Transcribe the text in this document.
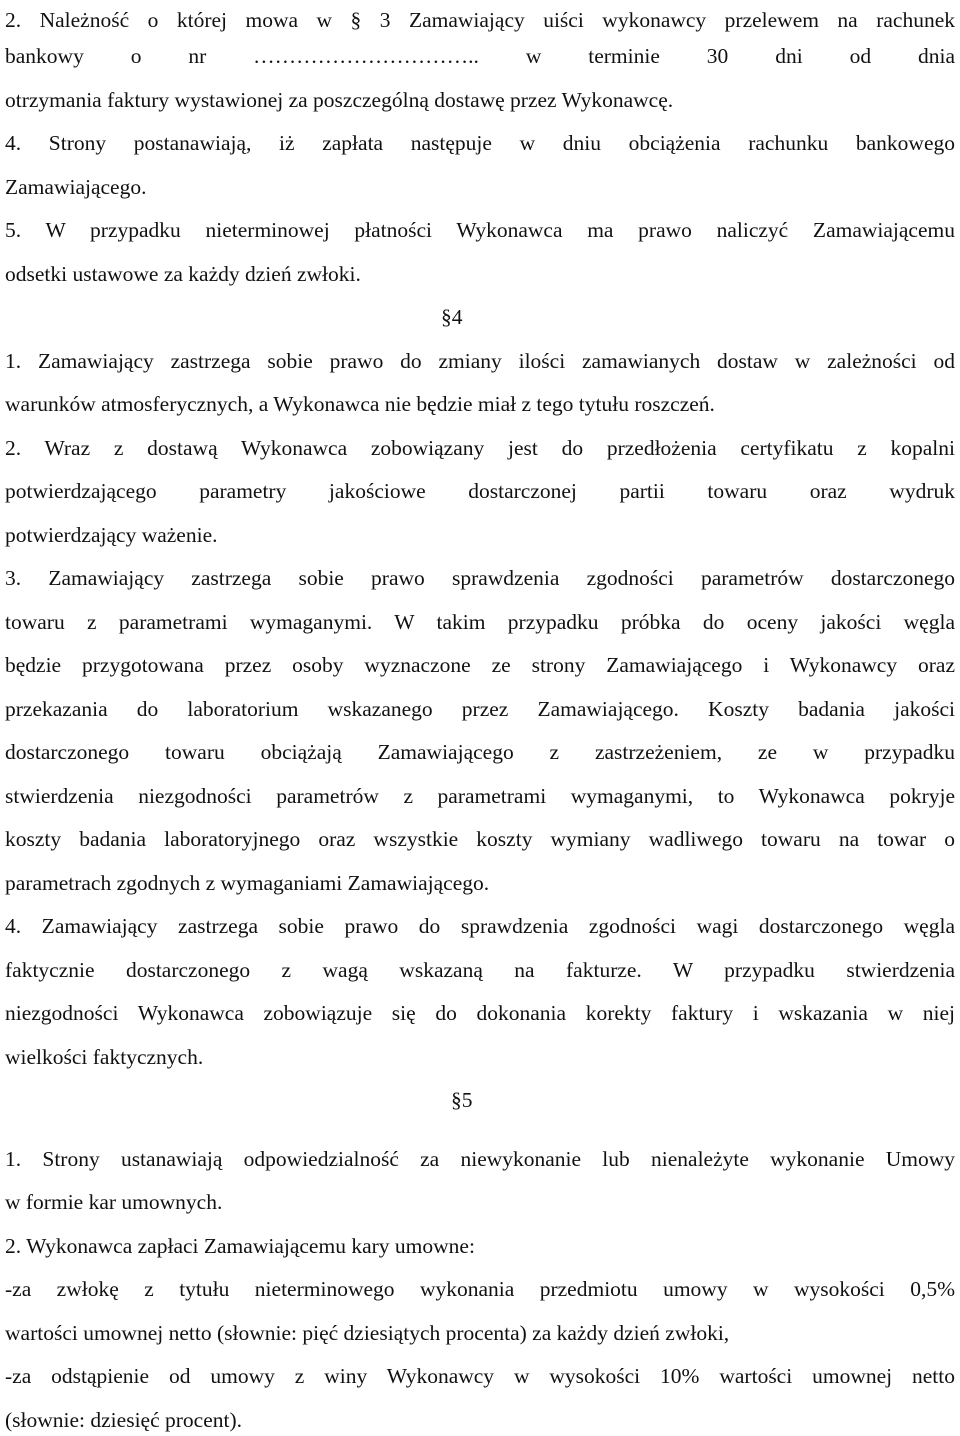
2. Należność o której mowa w § 3 Zamawiający uiści wykonawcy przelewem na rachunek
bankowy o nr ………………………….. w terminie 30 dni od dnia
otrzymania faktury wystawionej za poszczególną dostawę przez Wykonawcę.
4. Strony postanawiają, iż zapłata następuje w dniu obciążenia rachunku bankowego
Zamawiającego.
5. W przypadku nieterminowej płatności Wykonawca ma prawo naliczyć Zamawiającemu
odsetki ustawowe za każdy dzień zwłoki.
§4
1. Zamawiający zastrzega sobie prawo do zmiany ilości zamawianych dostaw w zależności od
warunków atmosferycznych, a Wykonawca nie będzie miał z tego tytułu roszczeń.
2. Wraz z dostawą Wykonawca zobowiązany jest do przedłożenia certyfikatu z kopalni
potwierdzającego parametry jakościowe dostarczonej partii towaru oraz wydruk
potwierdzający ważenie.
3. Zamawiający zastrzega sobie prawo sprawdzenia zgodności parametrów dostarczonego
towaru z parametrami wymaganymi. W takim przypadku próbka do oceny jakości węgla
będzie przygotowana przez osoby wyznaczone ze strony Zamawiającego i Wykonawcy oraz
przekazania do laboratorium wskazanego przez Zamawiającego. Koszty badania jakości
dostarczonego towaru obciążają Zamawiającego z zastrzeżeniem, ze w przypadku
stwierdzenia niezgodności parametrów z parametrami wymaganymi, to Wykonawca pokryje
koszty badania laboratoryjnego oraz wszystkie koszty wymiany wadliwego towaru na towar o
parametrach zgodnych z wymaganiami Zamawiającego.
4. Zamawiający zastrzega sobie prawo do sprawdzenia zgodności wagi dostarczonego węgla
faktycznie dostarczonego z wagą wskazaną na fakturze. W przypadku stwierdzenia
niezgodności Wykonawca zobowiązuje się do dokonania korekty faktury i wskazania w niej
wielkości faktycznych.
§5
1. Strony ustanawiają odpowiedzialność za niewykonanie lub nienależyte wykonanie Umowy
w formie kar umownych.
2. Wykonawca zapłaci Zamawiającemu kary umowne:
-za zwłokę z tytułu nieterminowego wykonania przedmiotu umowy w wysokości 0,5%
wartości umownej netto (słownie: pięć dziesiątych procenta) za każdy dzień zwłoki,
-za odstąpienie od umowy z winy Wykonawcy w wysokości 10% wartości umownej netto
(słownie: dziesięć procent).
